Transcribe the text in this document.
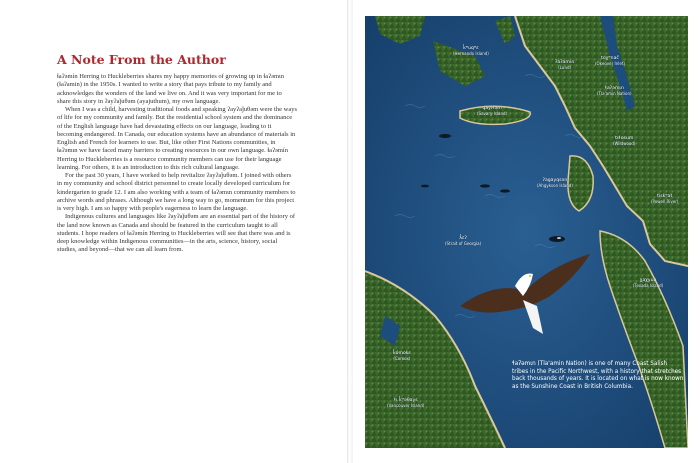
A Note From the Author

ɬaʔəmín Herring to Huckleberries shares my happy memories of growing up in ɬaʔəmɩn (ɬaʔamin) in the 1950s. I wanted to write a story that pays tribute to my family and acknowledges the wonders of the land we live on. And it was very important for me to share this story in ʔayʔaǰuθəm (ayajuthum), my own language.

When I was a child, harvesting traditional foods and speaking ʔayʔaǰuθəm were the ways of life for my community and family. But the residential school system and the dominance of the English language have had devastating effects on our language, leading to it becoming endangered. In Canada, our education systems have an abundance of materials in English and French for learners to use. But, like other First Nations communities, in ɬaʔəmɩn we have faced many barriers to creating resources in our own language. ɬaʔəmín Herring to Huckleberries is a resource community members can use for their language learning. For others, it is an introduction to this rich cultural language.

For the past 30 years, I have worked to help revitalize ʔayʔaǰuθəm. I joined with others in my community and school district personnel to create locally developed curriculum for kindergarten to grade 12. I am also working with a team of ɬaʔəmɩn community members to archive words and phrases. Although we have a long way to go, momentum for this project is very high. I am so happy with people's eagerness to learn the language.

Indigenous cultures and languages like ʔayʔaǰuθəm are an essential part of the history of the land now known as Canada and should be featured in the curriculum taught to all students. I hope readers of ɬaʔəmín Herring to Huckleberries will see that there was and is deep knowledge within Indigenous communities—in the arts, science, history, social studies, and beyond—that we can all learn from.

k̓ʷuqʷɛ
(Hernando Island)
ʔaʔamɩn
(Lund)
toχʷnač
(Okeover Inlet)
ɬaʔəmɩn
(Tla'amin Nation)
qayiɬəm
(Savary Island)
tɩɬosum
(Wildwood)
ʔagayqsən
(Ahgykson Island)
tiskʷat
(Powell River)
ƛ̓ɛʔ
(Strait of Georgia)
χaχyuu
(Texada Island)
k̓ómoks
(Comox)
ɬɩ k̓ʷəθays
(Vancouver Island)
ɬaʔəmɩn (Tla'amin Nation) is one of many Coast Salish tribes in the Pacific Northwest, with a history that stretches back thousands of years. It is located on what is now known as the Sunshine Coast in British Columbia.
